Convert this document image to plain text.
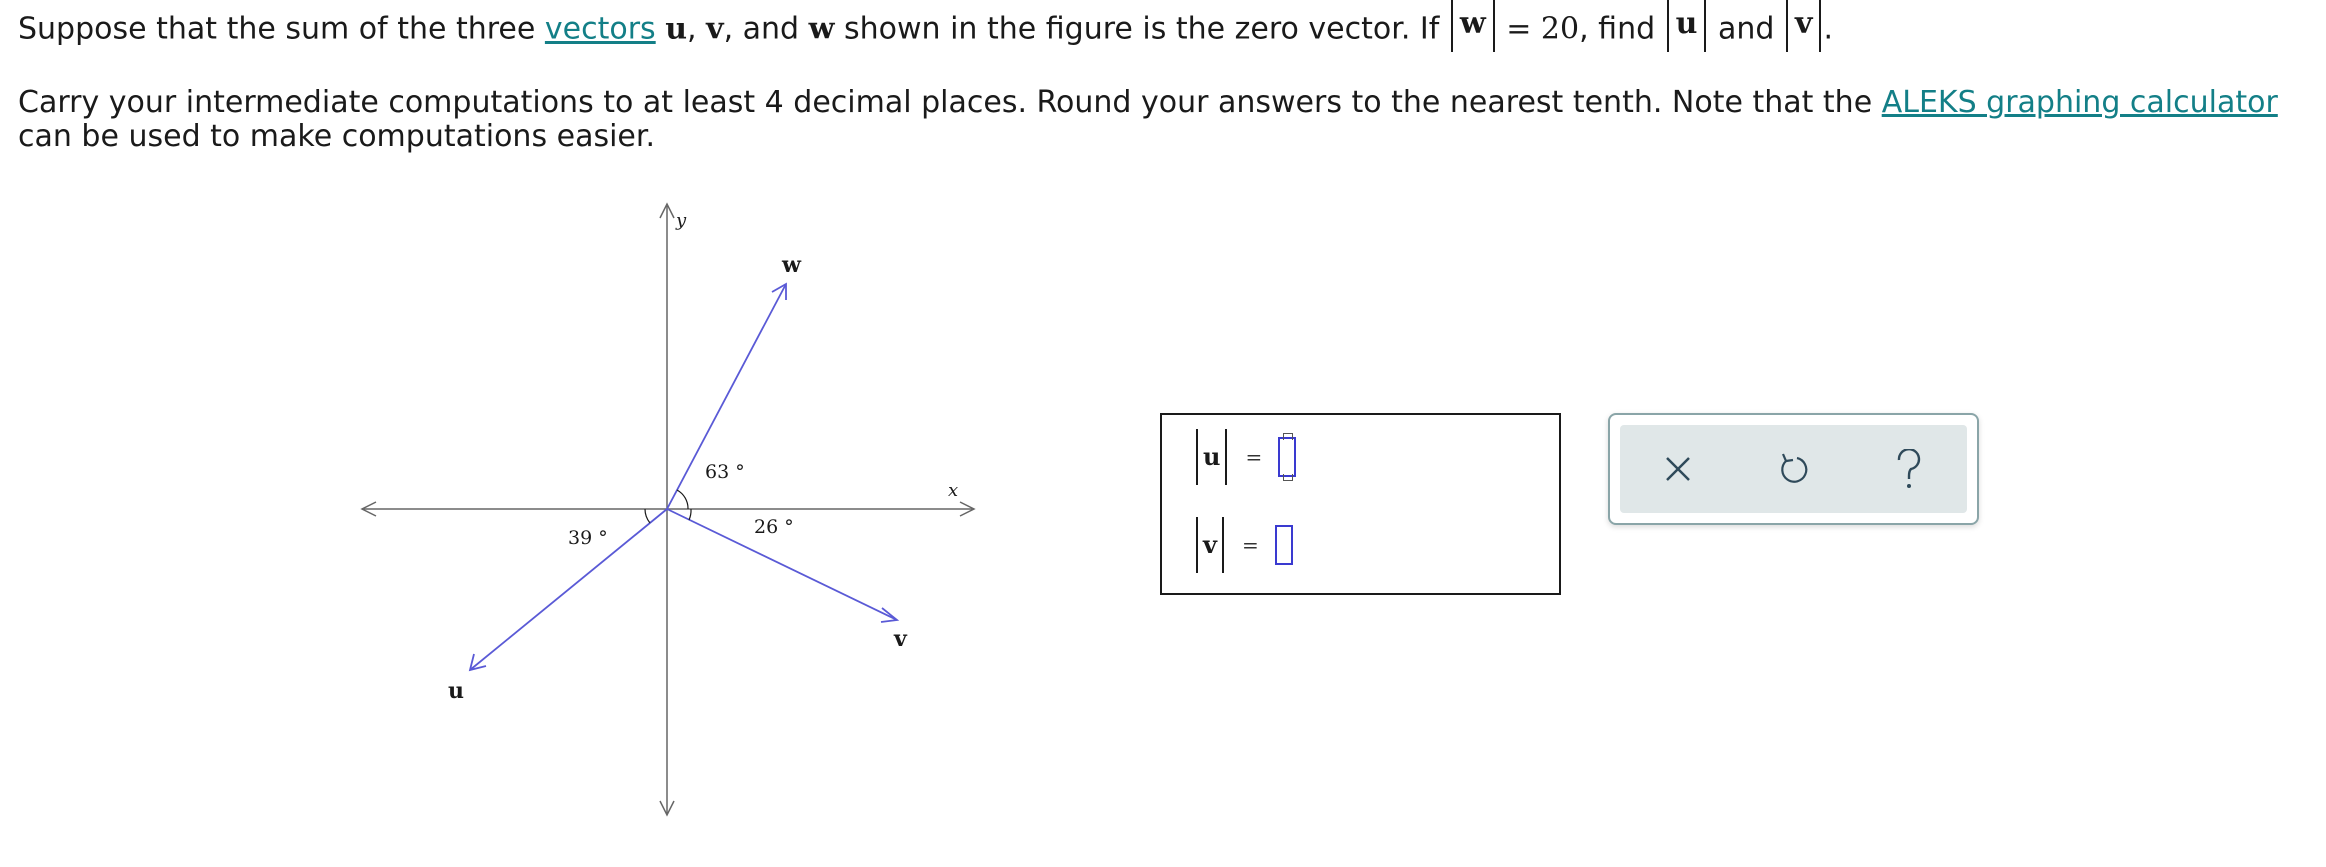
Suppose that the sum of the three vectors u, v, and w shown in the figure is the zero vector. If w = 20, find u and v .
Carry your intermediate computations to at least 4 decimal places. Round your answers to the nearest tenth. Note that the ALEKS graphing calculator can be used to make computations easier.
y
x
w
v
u
63 °
26 °
39 °
u	=
v	=
